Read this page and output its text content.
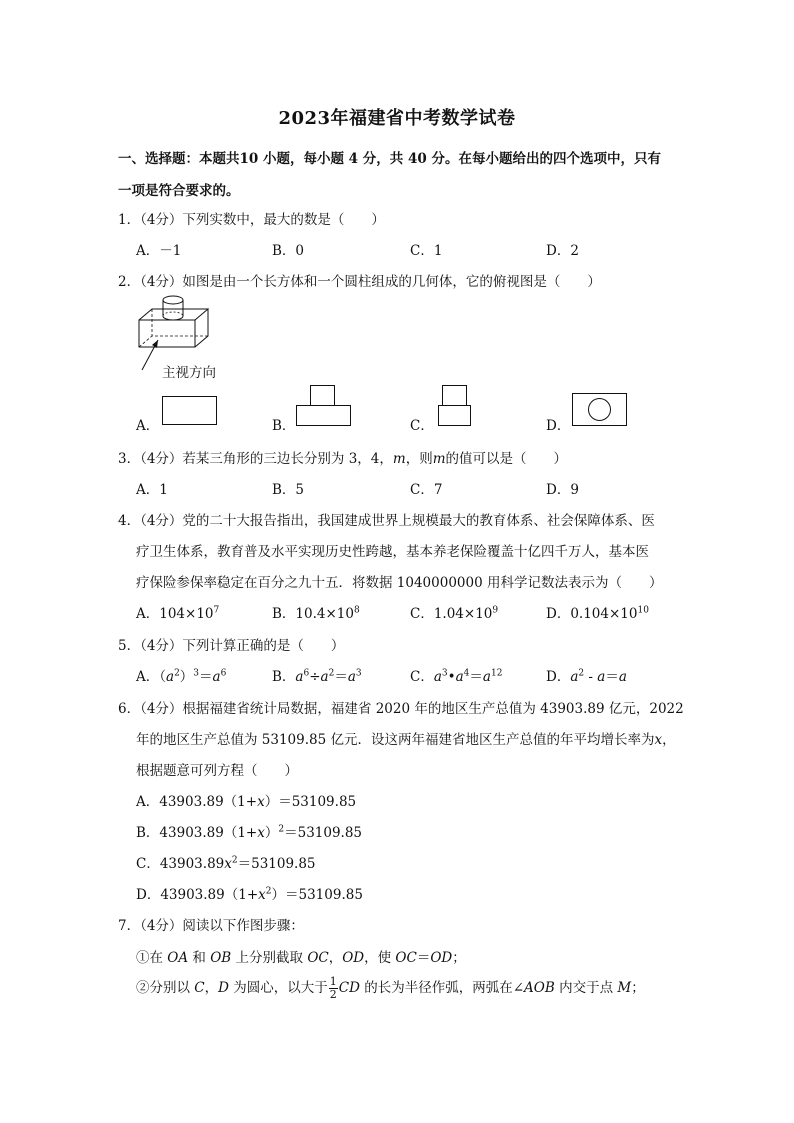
2023年福建省中考数学试卷
一、选择题：本题共10 小题，每小题 4 分，共 40 分。在每小题给出的四个选项中，只有
一项是符合要求的。
1．（4分）下列实数中，最大的数是（　　）
A．－1	B．0	C．1	D．2
2．（4分）如图是由一个长方体和一个圆柱组成的几何体，它的俯视图是（　　）
主视方向
A．	B．	C．	D．
3．（4分）若某三角形的三边长分别为 3，4，m，则m的值可以是（　　）
A．1	B．5	C．7	D．9
4．（4分）党的二十大报告指出，我国建成世界上规模最大的教育体系、社会保障体系、医
疗卫生体系，教育普及水平实现历史性跨越，基本养老保险覆盖十亿四千万人，基本医
疗保险参保率稳定在百分之九十五．将数据 1040000000 用科学记数法表示为（　　）
A．$104\times 10^7$	B．$10.4\times 10^8$	C．$1.04\times 10^9$	D．$0.104\times 10^{10}$
5．（4分）下列计算正确的是（　　）
A．$(a^2)^3=a^6$	B．$a^6\div a^2=a^3$	C．$a^3•a^4=a^{12}$	D．$a^2 - a=a$
6．（4分）根据福建省统计局数据，福建省 2020 年的地区生产总值为 43903.89 亿元，2022
年的地区生产总值为 53109.85 亿元．设这两年福建省地区生产总值的年平均增长率为x，
根据题意可列方程（　　）
A．43903.89（1+x）＝53109.85
B．$43903.89(1+x)^2=53109.85$
C．$43903.89x^2=53109.85$
D．$43903.89(1+x^2)=53109.85$
7．（4分）阅读以下作图步骤：
①在 OA 和 OB 上分别截取 OC，OD，使 OC＝OD；
②分别以 C，D 为圆心，以大于 $\frac{1}{2}$ CD 的长为半径作弧，两弧在∠AOB 内交于点 M；
